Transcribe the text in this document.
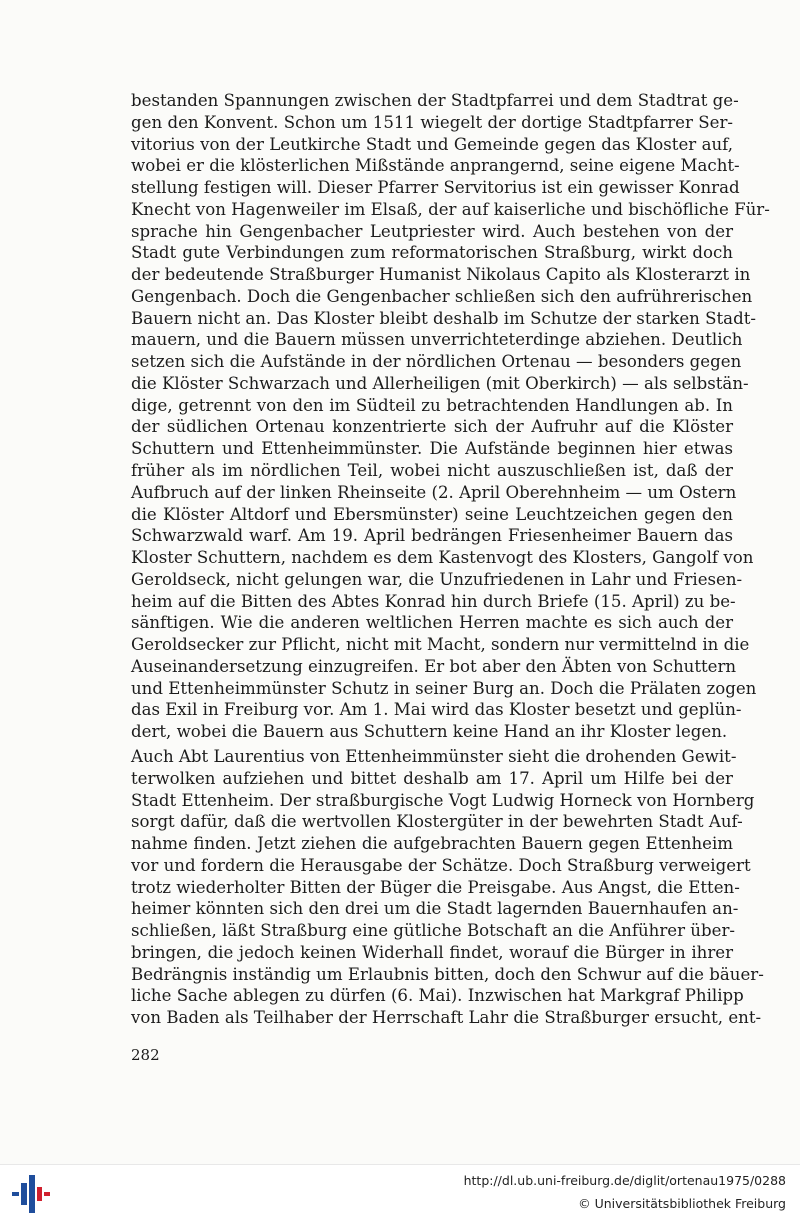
bestanden Spannungen zwischen der Stadtpfarrei und dem Stadtrat ge-
gen den Konvent. Schon um 1511 wiegelt der dortige Stadtpfarrer Ser-
vitorius von der Leutkirche Stadt und Gemeinde gegen das Kloster auf,
wobei er die klösterlichen Mißstände anprangernd, seine eigene Macht-
stellung festigen will. Dieser Pfarrer Servitorius ist ein gewisser Konrad
Knecht von Hagenweiler im Elsaß, der auf kaiserliche und bischöfliche Für-
sprache hin Gengenbacher Leutpriester wird. Auch bestehen von der
Stadt gute Verbindungen zum reformatorischen Straßburg, wirkt doch
der bedeutende Straßburger Humanist Nikolaus Capito als Klosterarzt in
Gengenbach. Doch die Gengenbacher schließen sich den aufrührerischen
Bauern nicht an. Das Kloster bleibt deshalb im Schutze der starken Stadt-
mauern, und die Bauern müssen unverrichteterdinge abziehen. Deutlich
setzen sich die Aufstände in der nördlichen Ortenau — besonders gegen
die Klöster Schwarzach und Allerheiligen (mit Oberkirch) — als selbstän-
dige, getrennt von den im Südteil zu betrachtenden Handlungen ab. In
der südlichen Ortenau konzentrierte sich der Aufruhr auf die Klöster
Schuttern und Ettenheimmünster. Die Aufstände beginnen hier etwas
früher als im nördlichen Teil, wobei nicht auszuschließen ist, daß der
Aufbruch auf der linken Rheinseite (2. April Oberehnheim — um Ostern
die Klöster Altdorf und Ebersmünster) seine Leuchtzeichen gegen den
Schwarzwald warf. Am 19. April bedrängen Friesenheimer Bauern das
Kloster Schuttern, nachdem es dem Kastenvogt des Klosters, Gangolf von
Geroldseck, nicht gelungen war, die Unzufriedenen in Lahr und Friesen-
heim auf die Bitten des Abtes Konrad hin durch Briefe (15. April) zu be-
sänftigen. Wie die anderen weltlichen Herren machte es sich auch der
Geroldsecker zur Pflicht, nicht mit Macht, sondern nur vermittelnd in die
Auseinandersetzung einzugreifen. Er bot aber den Äbten von Schuttern
und Ettenheimmünster Schutz in seiner Burg an. Doch die Prälaten zogen
das Exil in Freiburg vor. Am 1. Mai wird das Kloster besetzt und geplün-
dert, wobei die Bauern aus Schuttern keine Hand an ihr Kloster legen.
Auch Abt Laurentius von Ettenheimmünster sieht die drohenden Gewit-
terwolken aufziehen und bittet deshalb am 17. April um Hilfe bei der
Stadt Ettenheim. Der straßburgische Vogt Ludwig Horneck von Hornberg
sorgt dafür, daß die wertvollen Klostergüter in der bewehrten Stadt Auf-
nahme finden. Jetzt ziehen die aufgebrachten Bauern gegen Ettenheim
vor und fordern die Herausgabe der Schätze. Doch Straßburg verweigert
trotz wiederholter Bitten der Büger die Preisgabe. Aus Angst, die Etten-
heimer könnten sich den drei um die Stadt lagernden Bauernhaufen an-
schließen, läßt Straßburg eine gütliche Botschaft an die Anführer über-
bringen, die jedoch keinen Widerhall findet, worauf die Bürger in ihrer
Bedrängnis inständig um Erlaubnis bitten, doch den Schwur auf die bäuer-
liche Sache ablegen zu dürfen (6. Mai). Inzwischen hat Markgraf Philipp
von Baden als Teilhaber der Herrschaft Lahr die Straßburger ersucht, ent-
282
http://dl.ub.uni-freiburg.de/diglit/ortenau1975/0288
© Universitätsbibliothek Freiburg
